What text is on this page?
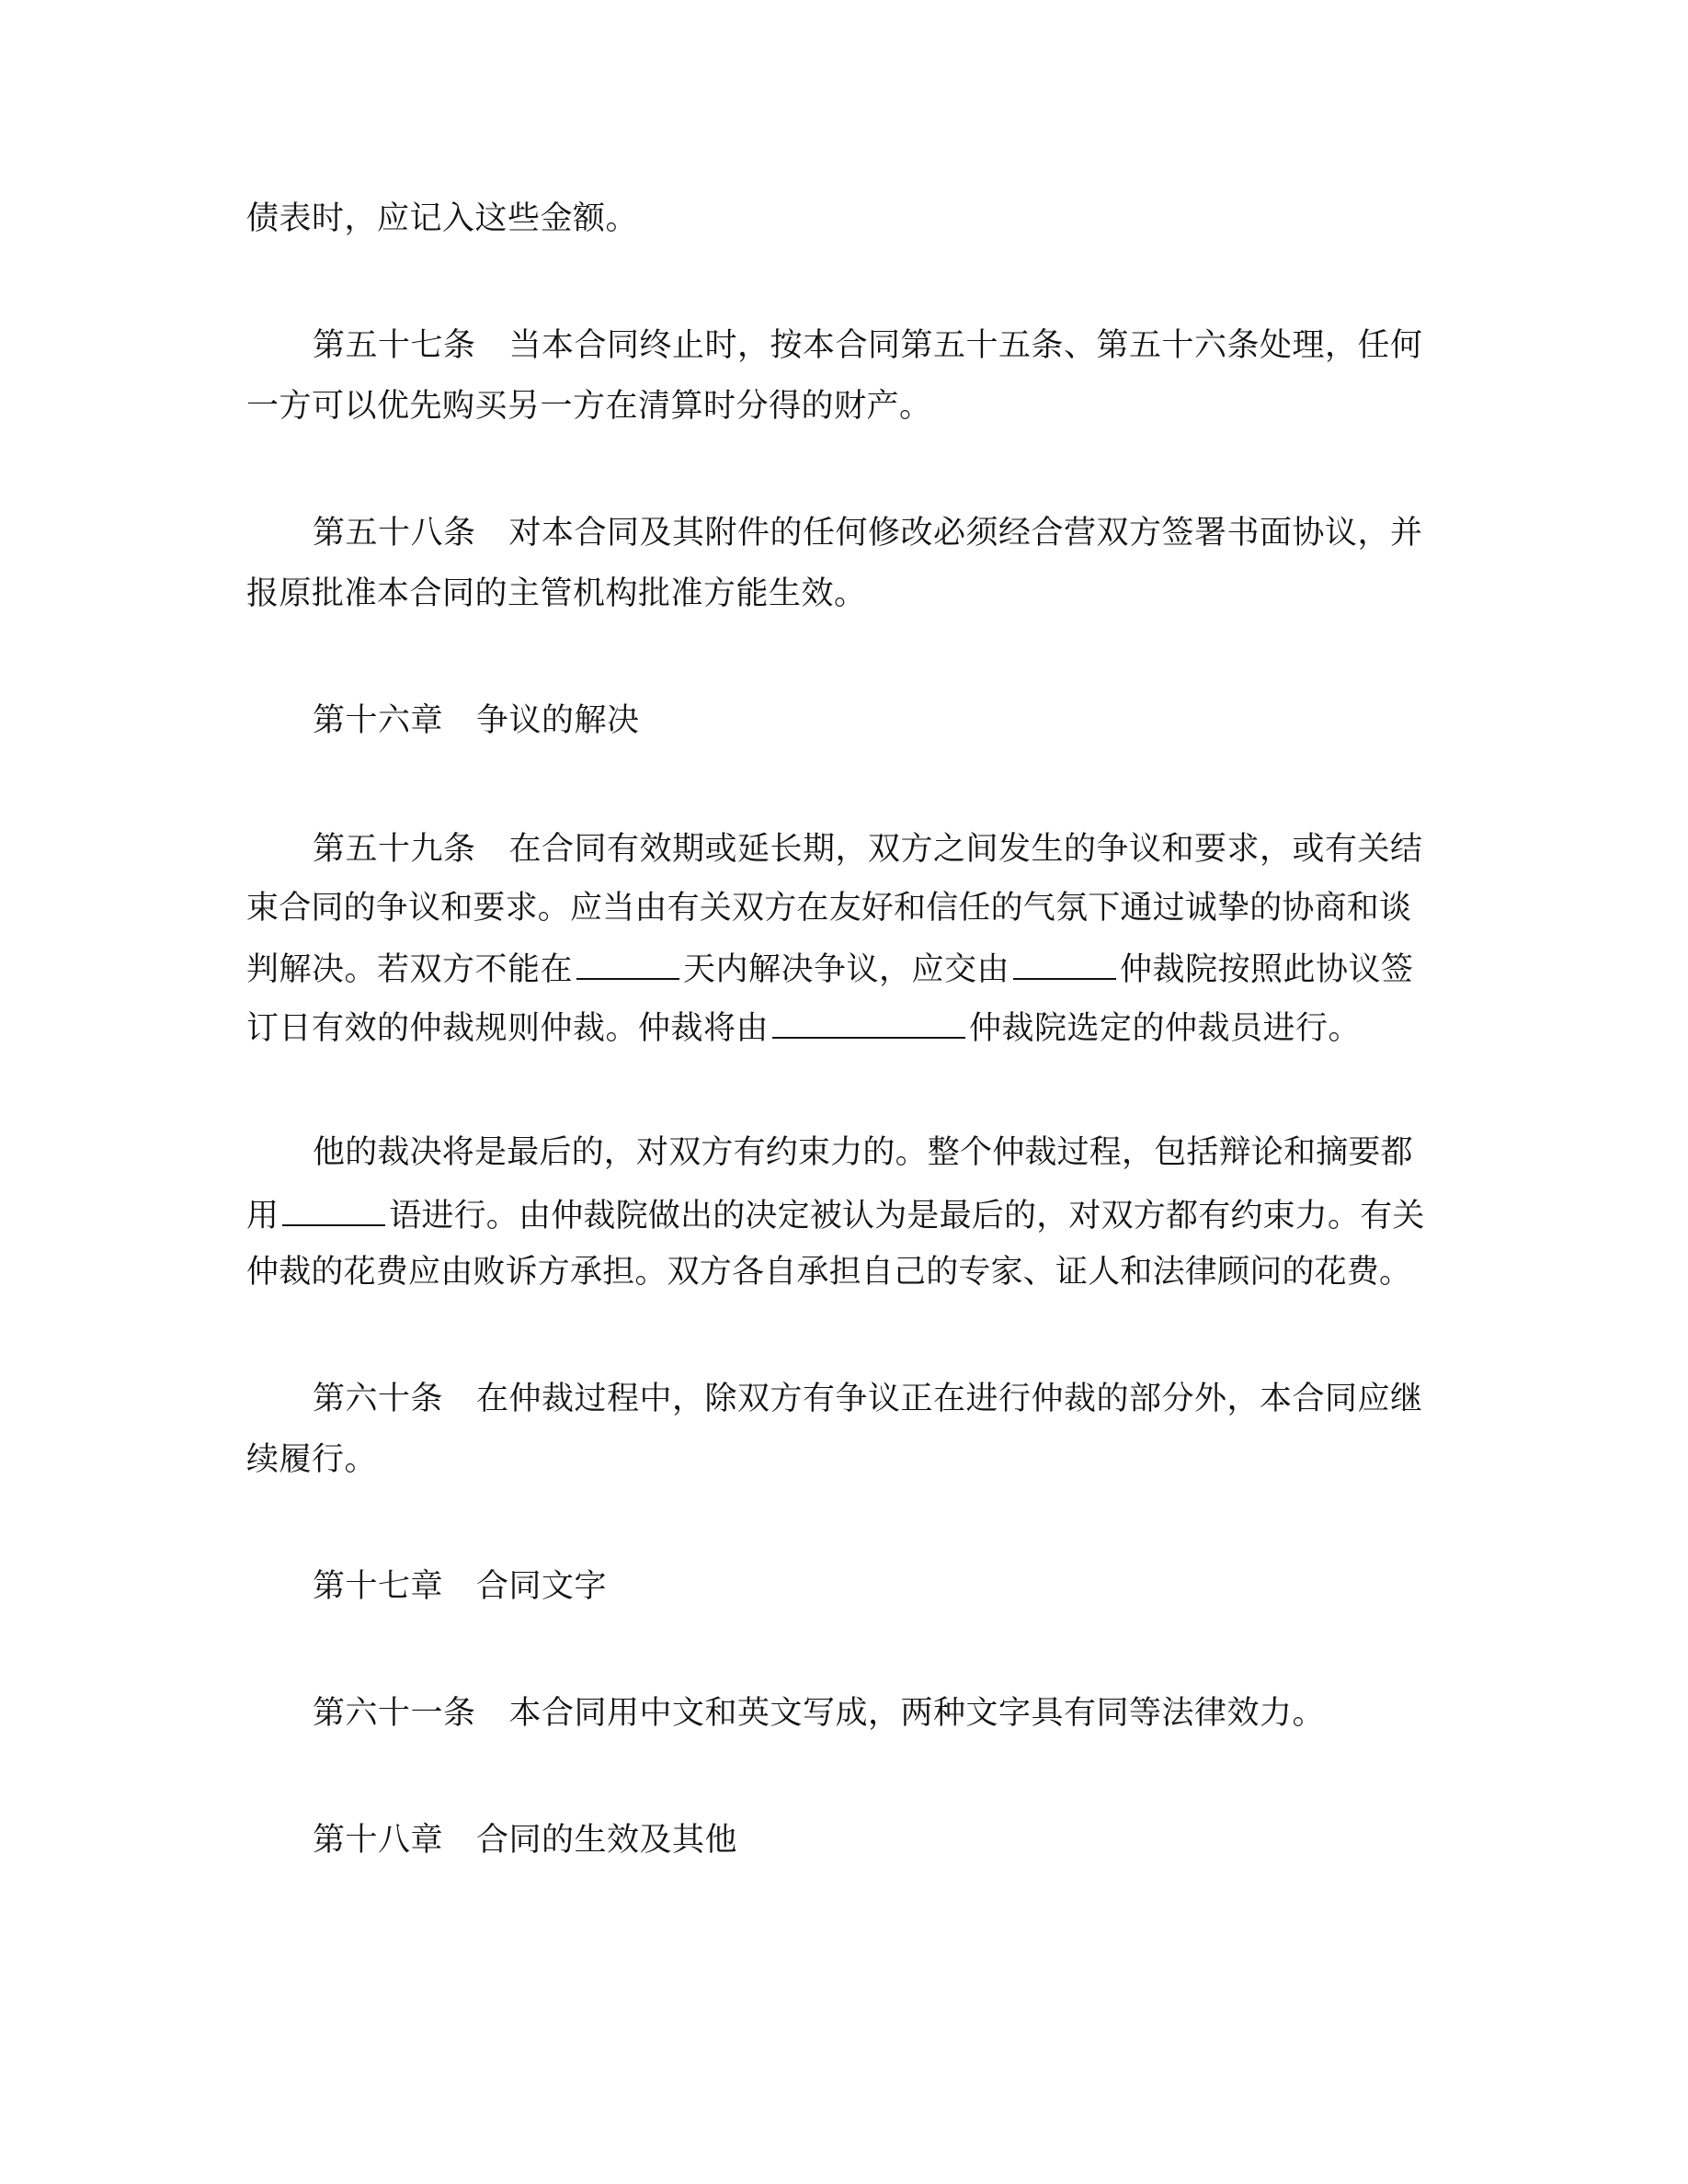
债表时，应记入这些金额。
第五十七条 当本合同终止时，按本合同第五十五条、第五十六条处理，任何
一方可以优先购买另一方在清算时分得的财产。
第五十八条 对本合同及其附件的任何修改必须经合营双方签署书面协议，并
报原批准本合同的主管机构批准方能生效。
第十六章 争议的解决
第五十九条 在合同有效期或延长期，双方之间发生的争议和要求，或有关结
束合同的争议和要求。应当由有关双方在友好和信任的气氛下通过诚挚的协商和谈
判解决。若双方不能在	天内解决争议，应交由	仲裁院按照此协议签
订日有效的仲裁规则仲裁。仲裁将由	仲裁院选定的仲裁员进行。
他的裁决将是最后的，对双方有约束力的。整个仲裁过程，包括辩论和摘要都
用	语进行。由仲裁院做出的决定被认为是最后的，对双方都有约束力。有关
仲裁的花费应由败诉方承担。双方各自承担自己的专家、证人和法律顾问的花费。
第六十条 在仲裁过程中，除双方有争议正在进行仲裁的部分外，本合同应继
续履行。
第十七章 合同文字
第六十一条 本合同用中文和英文写成，两种文字具有同等法律效力。
第十八章 合同的生效及其他
